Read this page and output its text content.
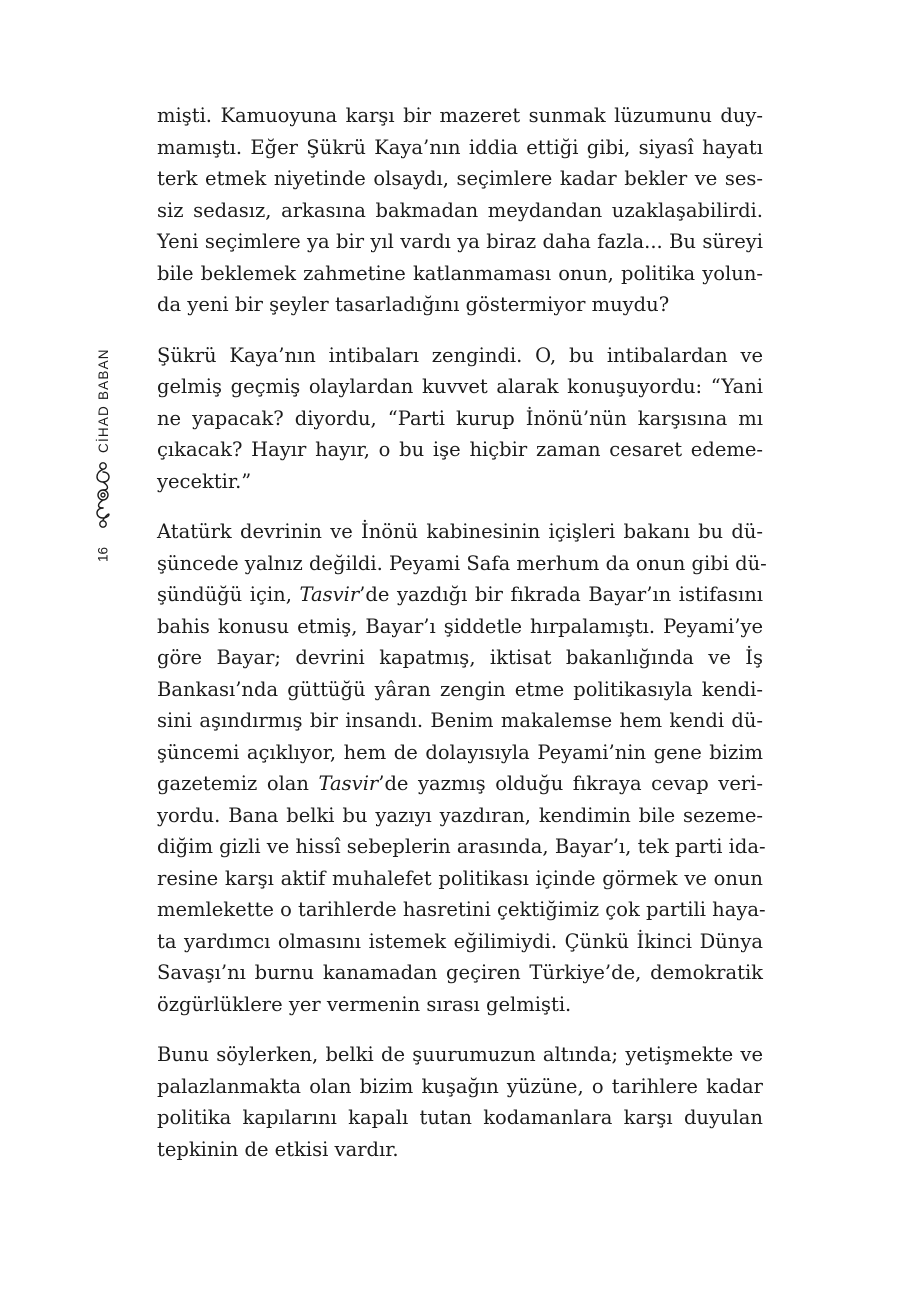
CİHAD BABAN
16

mişti. Kamuoyuna karşı bir mazeret sunmak lüzumunu duy-
mamıştı. Eğer Şükrü Kaya’nın iddia ettiği gibi, siyasî hayatı
terk etmek niyetinde olsaydı, seçimlere kadar bekler ve ses-
siz sedasız, arkasına bakmadan meydandan uzaklaşabilirdi.
Yeni seçimlere ya bir yıl vardı ya biraz daha fazla... Bu süreyi
bile beklemek zahmetine katlanmaması onun, politika yolun-
da yeni bir şeyler tasarladığını göstermiyor muydu?

Şükrü Kaya’nın intibaları zengindi. O, bu intibalardan ve
gelmiş geçmiş olaylardan kuvvet alarak konuşuyordu: “Yani
ne yapacak? diyordu, “Parti kurup İnönü’nün karşısına mı
çıkacak? Hayır hayır, o bu işe hiçbir zaman cesaret edeme-
yecektir.”

Atatürk devrinin ve İnönü kabinesinin içişleri bakanı bu dü-
şüncede yalnız değildi. Peyami Safa merhum da onun gibi dü-
şündüğü için, Tasvir’de yazdığı bir fıkrada Bayar’ın istifasını
bahis konusu etmiş, Bayar’ı şiddetle hırpalamıştı. Peyami’ye
göre Bayar; devrini kapatmış, iktisat bakanlığında ve İş
Bankası’nda güttüğü yâran zengin etme politikasıyla kendi-
sini aşındırmış bir insandı. Benim makalemse hem kendi dü-
şüncemi açıklıyor, hem de dolayısıyla Peyami’nin gene bizim
gazetemiz olan Tasvir’de yazmış olduğu fıkraya cevap veri-
yordu. Bana belki bu yazıyı yazdıran, kendimin bile sezeme-
diğim gizli ve hissî sebeplerin arasında, Bayar’ı, tek parti ida-
resine karşı aktif muhalefet politikası içinde görmek ve onun
memlekette o tarihlerde hasretini çektiğimiz çok partili haya-
ta yardımcı olmasını istemek eğilimiydi. Çünkü İkinci Dünya
Savaşı’nı burnu kanamadan geçiren Türkiye’de, demokratik
özgürlüklere yer vermenin sırası gelmişti.

Bunu söylerken, belki de şuurumuzun altında; yetişmekte ve
palazlanmakta olan bizim kuşağın yüzüne, o tarihlere kadar
politika kapılarını kapalı tutan kodamanlara karşı duyulan
tepkinin de etkisi vardır.
